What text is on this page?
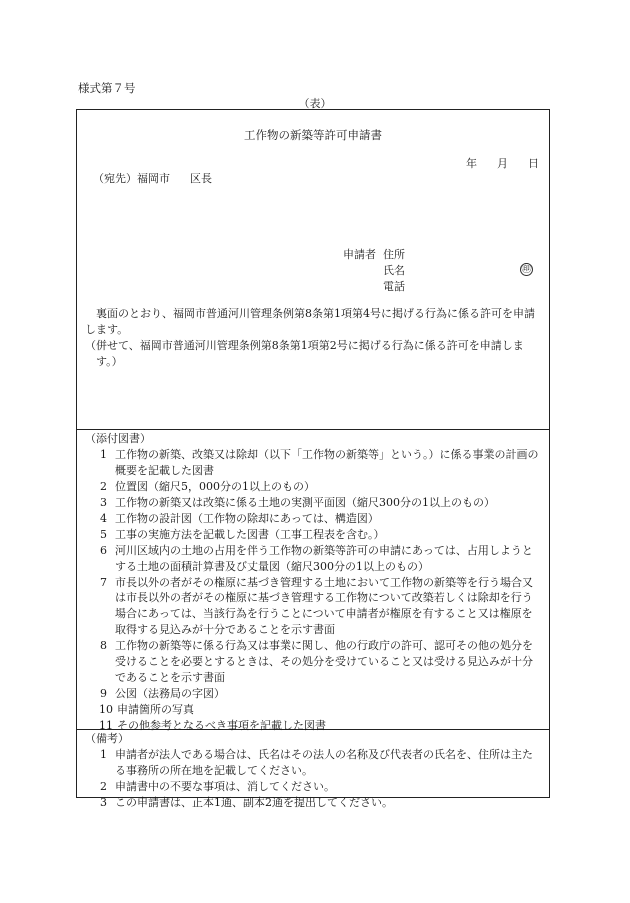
様式第７号
（表）
工作物の新築等許可申請書
年 月 日
（宛先）福岡市 区長
申請者 住所
氏名
電話
㊞

裏面のとおり、福岡市普通河川管理条例第8条第1項第4号に掲げる行為に係る許可を申請します。

（併せて、福岡市普通河川管理条例第8条第1項第2号に掲げる行為に係る許可を申請します。）

（添付図書）
1 工作物の新築、改築又は除却（以下「工作物の新築等」という。）に係る事業の計画の概要を記載した図書
2 位置図（縮尺5，000分の1以上のもの）
3 工作物の新築又は改築に係る土地の実測平面図（縮尺300分の1以上のもの）
4 工作物の設計図（工作物の除却にあっては、構造図）
5 工事の実施方法を記載した図書（工事工程表を含む。）
6 河川区域内の土地の占用を伴う工作物の新築等許可の申請にあっては、占用しようとする土地の面積計算書及び丈量図（縮尺300分の1以上のもの）
7 市長以外の者がその権原に基づき管理する土地において工作物の新築等を行う場合又は市長以外の者がその権原に基づき管理する工作物について改築若しくは除却を行う場合にあっては、当該行為を行うことについて申請者が権原を有すること又は権原を取得する見込みが十分であることを示す書面
8 工作物の新築等に係る行為又は事業に関し、他の行政庁の許可、認可その他の処分を受けることを必要とするときは、その処分を受けていること又は受ける見込みが十分であることを示す書面
9 公図（法務局の字図）
10 申請箇所の写真
11 その他参考となるべき事項を記載した図書
（備考）
1 申請者が法人である場合は、氏名はその法人の名称及び代表者の氏名を、住所は主たる事務所の所在地を記載してください。
2 申請書中の不要な事項は、消してください。
3 この申請書は、正本1通、副本2通を提出してください。
